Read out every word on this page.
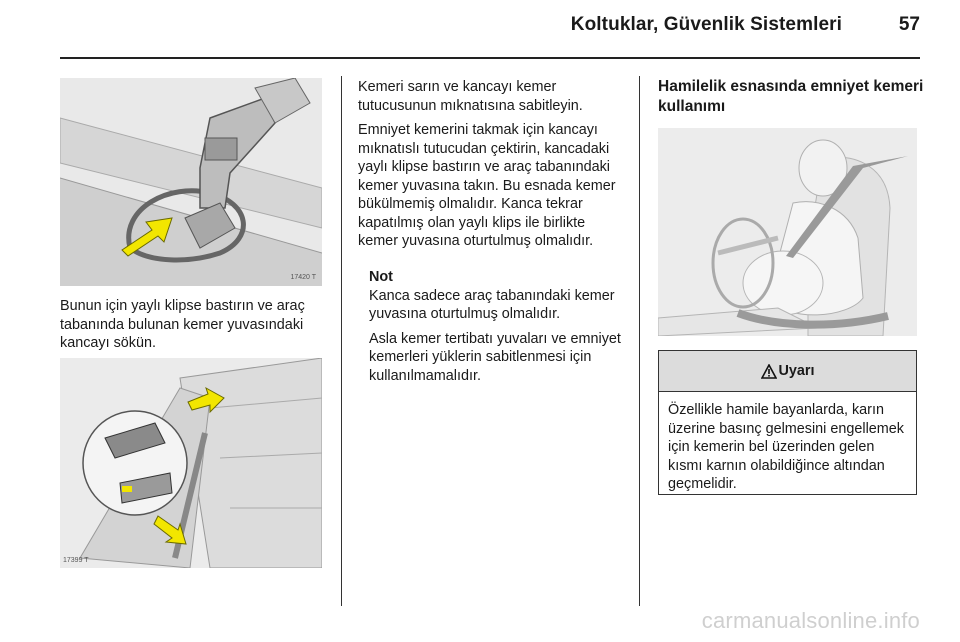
Koltuklar, Güvenlik Sistemleri	57
17420 T

Bunun için yaylı klipse bastırın ve araç tabanında bulunan kemer yuvasındaki kancayı sökün.

17399 T

Kemeri sarın ve kancayı kemer tutucusunun mıknatısına sabitleyin.

Emniyet kemerini takmak için kancayı mıknatıslı tutucudan çektirin, kancadaki yaylı klipse bastırın ve araç tabanındaki kemer yuvasına takın. Bu esnada kemer bükülmemiş olmalıdır. Kanca tekrar kapatılmış olan yaylı klips ile birlikte kemer yuvasına oturtulmuş olmalıdır.

Not
Kanca sadece araç tabanındaki kemer yuvasına oturtulmuş olmalıdır.
Asla kemer tertibatı yuvaları ve emniyet kemerleri yüklerin sabitlenmesi için kullanılmamalıdır.
Hamilelik esnasında emniyet kemeri kullanımı
Uyarı
Özellikle hamile bayanlarda, karın üzerine basınç gelmesini engellemek için kemerin bel üzerinden gelen kısmı karnın olabildiğince altından geçmelidir.
carmanualsonline.info
